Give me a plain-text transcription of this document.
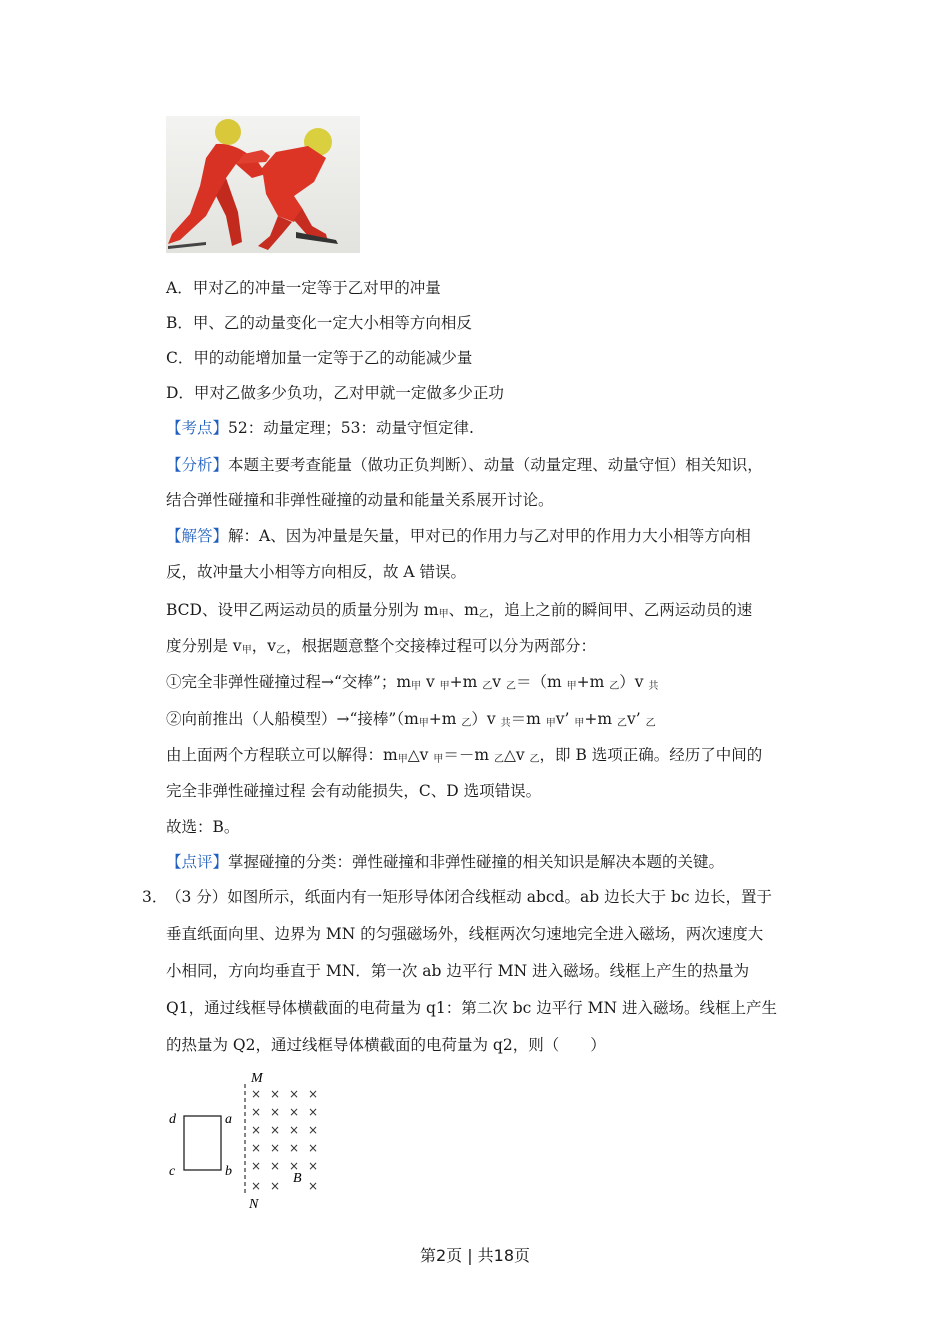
A．甲对乙的冲量一定等于乙对甲的冲量
B．甲、乙的动量变化一定大小相等方向相反
C．甲的动能增加量一定等于乙的动能减少量
D．甲对乙做多少负功，乙对甲就一定做多少正功
【考点】52：动量定理；53：动量守恒定律.
【分析】本题主要考查能量（做功正负判断）、动量（动量定理、动量守恒）相关知识，
结合弹性碰撞和非弹性碰撞的动量和能量关系展开讨论。
【解答】解：A、因为冲量是矢量，甲对已的作用力与乙对甲的作用力大小相等方向相
反，故冲量大小相等方向相反，故 A 错误。
BCD、设甲乙两运动员的质量分别为 $m_甲$、$m_乙$，追上之前的瞬间甲、乙两运动员的速
度分别是 $v_甲$，$v_乙$，根据题意整个交接棒过程可以分为两部分：
①完全非弹性碰撞过程→“交棒”；$m_甲$ v $_甲$+m $_乙$v $_乙$＝（m $_甲$+m $_乙$）v $_共$
②向前推出（人船模型）→“接棒$”(m_甲+m$ $_乙$）v $_共$＝m $_甲$v’ $_甲$+m $_乙$v’ $_乙$
由上面两个方程联立可以解得：$m_甲\triangle v$ $_甲$＝－m $_乙$△v $_乙$，即 B 选项正确。经历了中间的
完全非弹性碰撞过程 会有动能损失，C、D 选项错误。
故选：B。
【点评】掌握碰撞的分类：弹性碰撞和非弹性碰撞的相关知识是解决本题的关键。
3．
（3 分）如图所示，纸面内有一矩形导体闭合线框动 abcd。ab 边长大于 bc 边长，置于
垂直纸面向里、边界为 MN 的匀强磁场外，线框两次匀速地完全进入磁场，两次速度大
小相同，方向均垂直于 MN．第一次 ab 边平行 MN 进入磁场。线框上产生的热量为
Q1，通过线框导体横截面的电荷量为 q1：第二次 bc 边平行 MN 进入磁场。线框上产生
的热量为 Q2，通过线框导体横截面的电荷量为 q2，则（　　）
M
N
d	a
c	b	B
× × × ×
× × × ×
× × × ×
× × × ×
× × × ×
× × ×
第2页 | 共18页
